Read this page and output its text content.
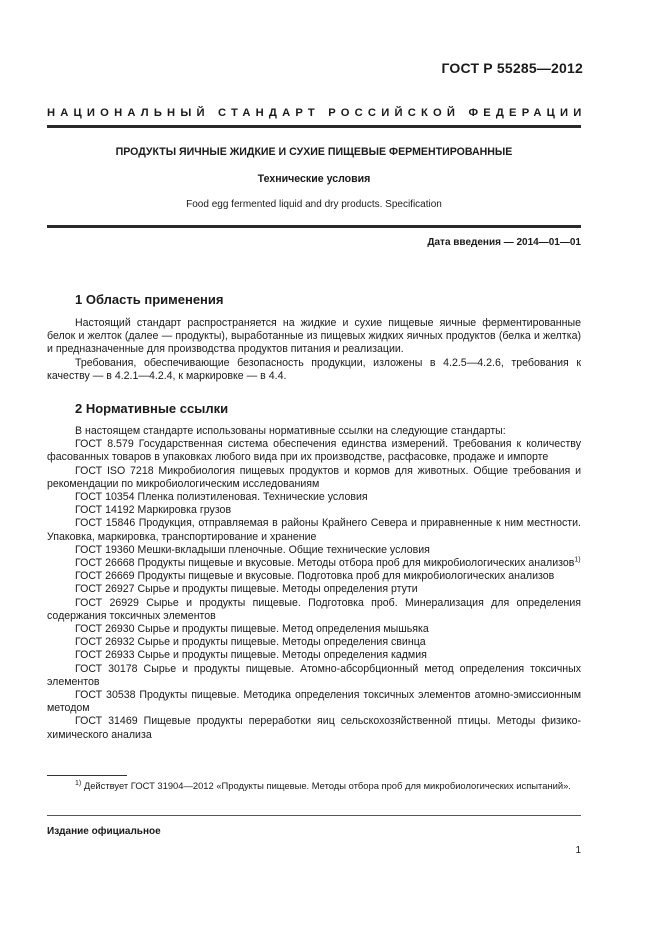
ГОСТ Р 55285—2012
НАЦИОНАЛЬНЫЙ СТАНДАРТ РОССИЙСКОЙ ФЕДЕРАЦИИ
ПРОДУКТЫ ЯИЧНЫЕ ЖИДКИЕ И СУХИЕ ПИЩЕВЫЕ ФЕРМЕНТИРОВАННЫЕ
Технические условия
Food egg fermented liquid and dry products. Specification
Дата введения — 2014—01—01
1 Область применения

Настоящий стандарт распространяется на жидкие и сухие пищевые яичные ферментированные белок и желток (далее — продукты), выработанные из пищевых жидких яичных продуктов (белка и желтка) и предназначенные для производства продуктов питания и реализации.

Требования, обеспечивающие безопасность продукции, изложены в 4.2.5—4.2.6, требования к качеству — в 4.2.1—4.2.4, к маркировке — в 4.4.

2 Нормативные ссылки

В настоящем стандарте использованы нормативные ссылки на следующие стандарты:

ГОСТ 8.579 Государственная система обеспечения единства измерений. Требования к количеству фасованных товаров в упаковках любого вида при их производстве, расфасовке, продаже и импорте

ГОСТ ISO 7218 Микробиология пищевых продуктов и кормов для животных. Общие требования и рекомендации по микробиологическим исследованиям

ГОСТ 10354 Пленка полиэтиленовая. Технические условия

ГОСТ 14192 Маркировка грузов

ГОСТ 15846 Продукция, отправляемая в районы Крайнего Севера и приравненные к ним местности. Упаковка, маркировка, транспортирование и хранение

ГОСТ 19360 Мешки-вкладыши пленочные. Общие технические условия

ГОСТ 26668 Продукты пищевые и вкусовые. Методы отбора проб для микробиологических анализов$^{1)}$

ГОСТ 26669 Продукты пищевые и вкусовые. Подготовка проб для микробиологических анализов

ГОСТ 26927 Сырье и продукты пищевые. Методы определения ртути

ГОСТ 26929 Сырье и продукты пищевые. Подготовка проб. Минерализация для определения содержания токсичных элементов

ГОСТ 26930 Сырье и продукты пищевые. Метод определения мышьяка

ГОСТ 26932 Сырье и продукты пищевые. Методы определения свинца

ГОСТ 26933 Сырье и продукты пищевые. Методы определения кадмия

ГОСТ 30178 Сырье и продукты пищевые. Атомно-абсорбционный метод определения токсичных элементов

ГОСТ 30538 Продукты пищевые. Методика определения токсичных элементов атомно-эмиссионным методом

ГОСТ 31469 Пищевые продукты переработки яиц сельскохозяйственной птицы. Методы физико-химического анализа

$^{1)}$ Действует ГОСТ 31904—2012 «Продукты пищевые. Методы отбора проб для микробиологических испытаний».

Издание официальное
1
